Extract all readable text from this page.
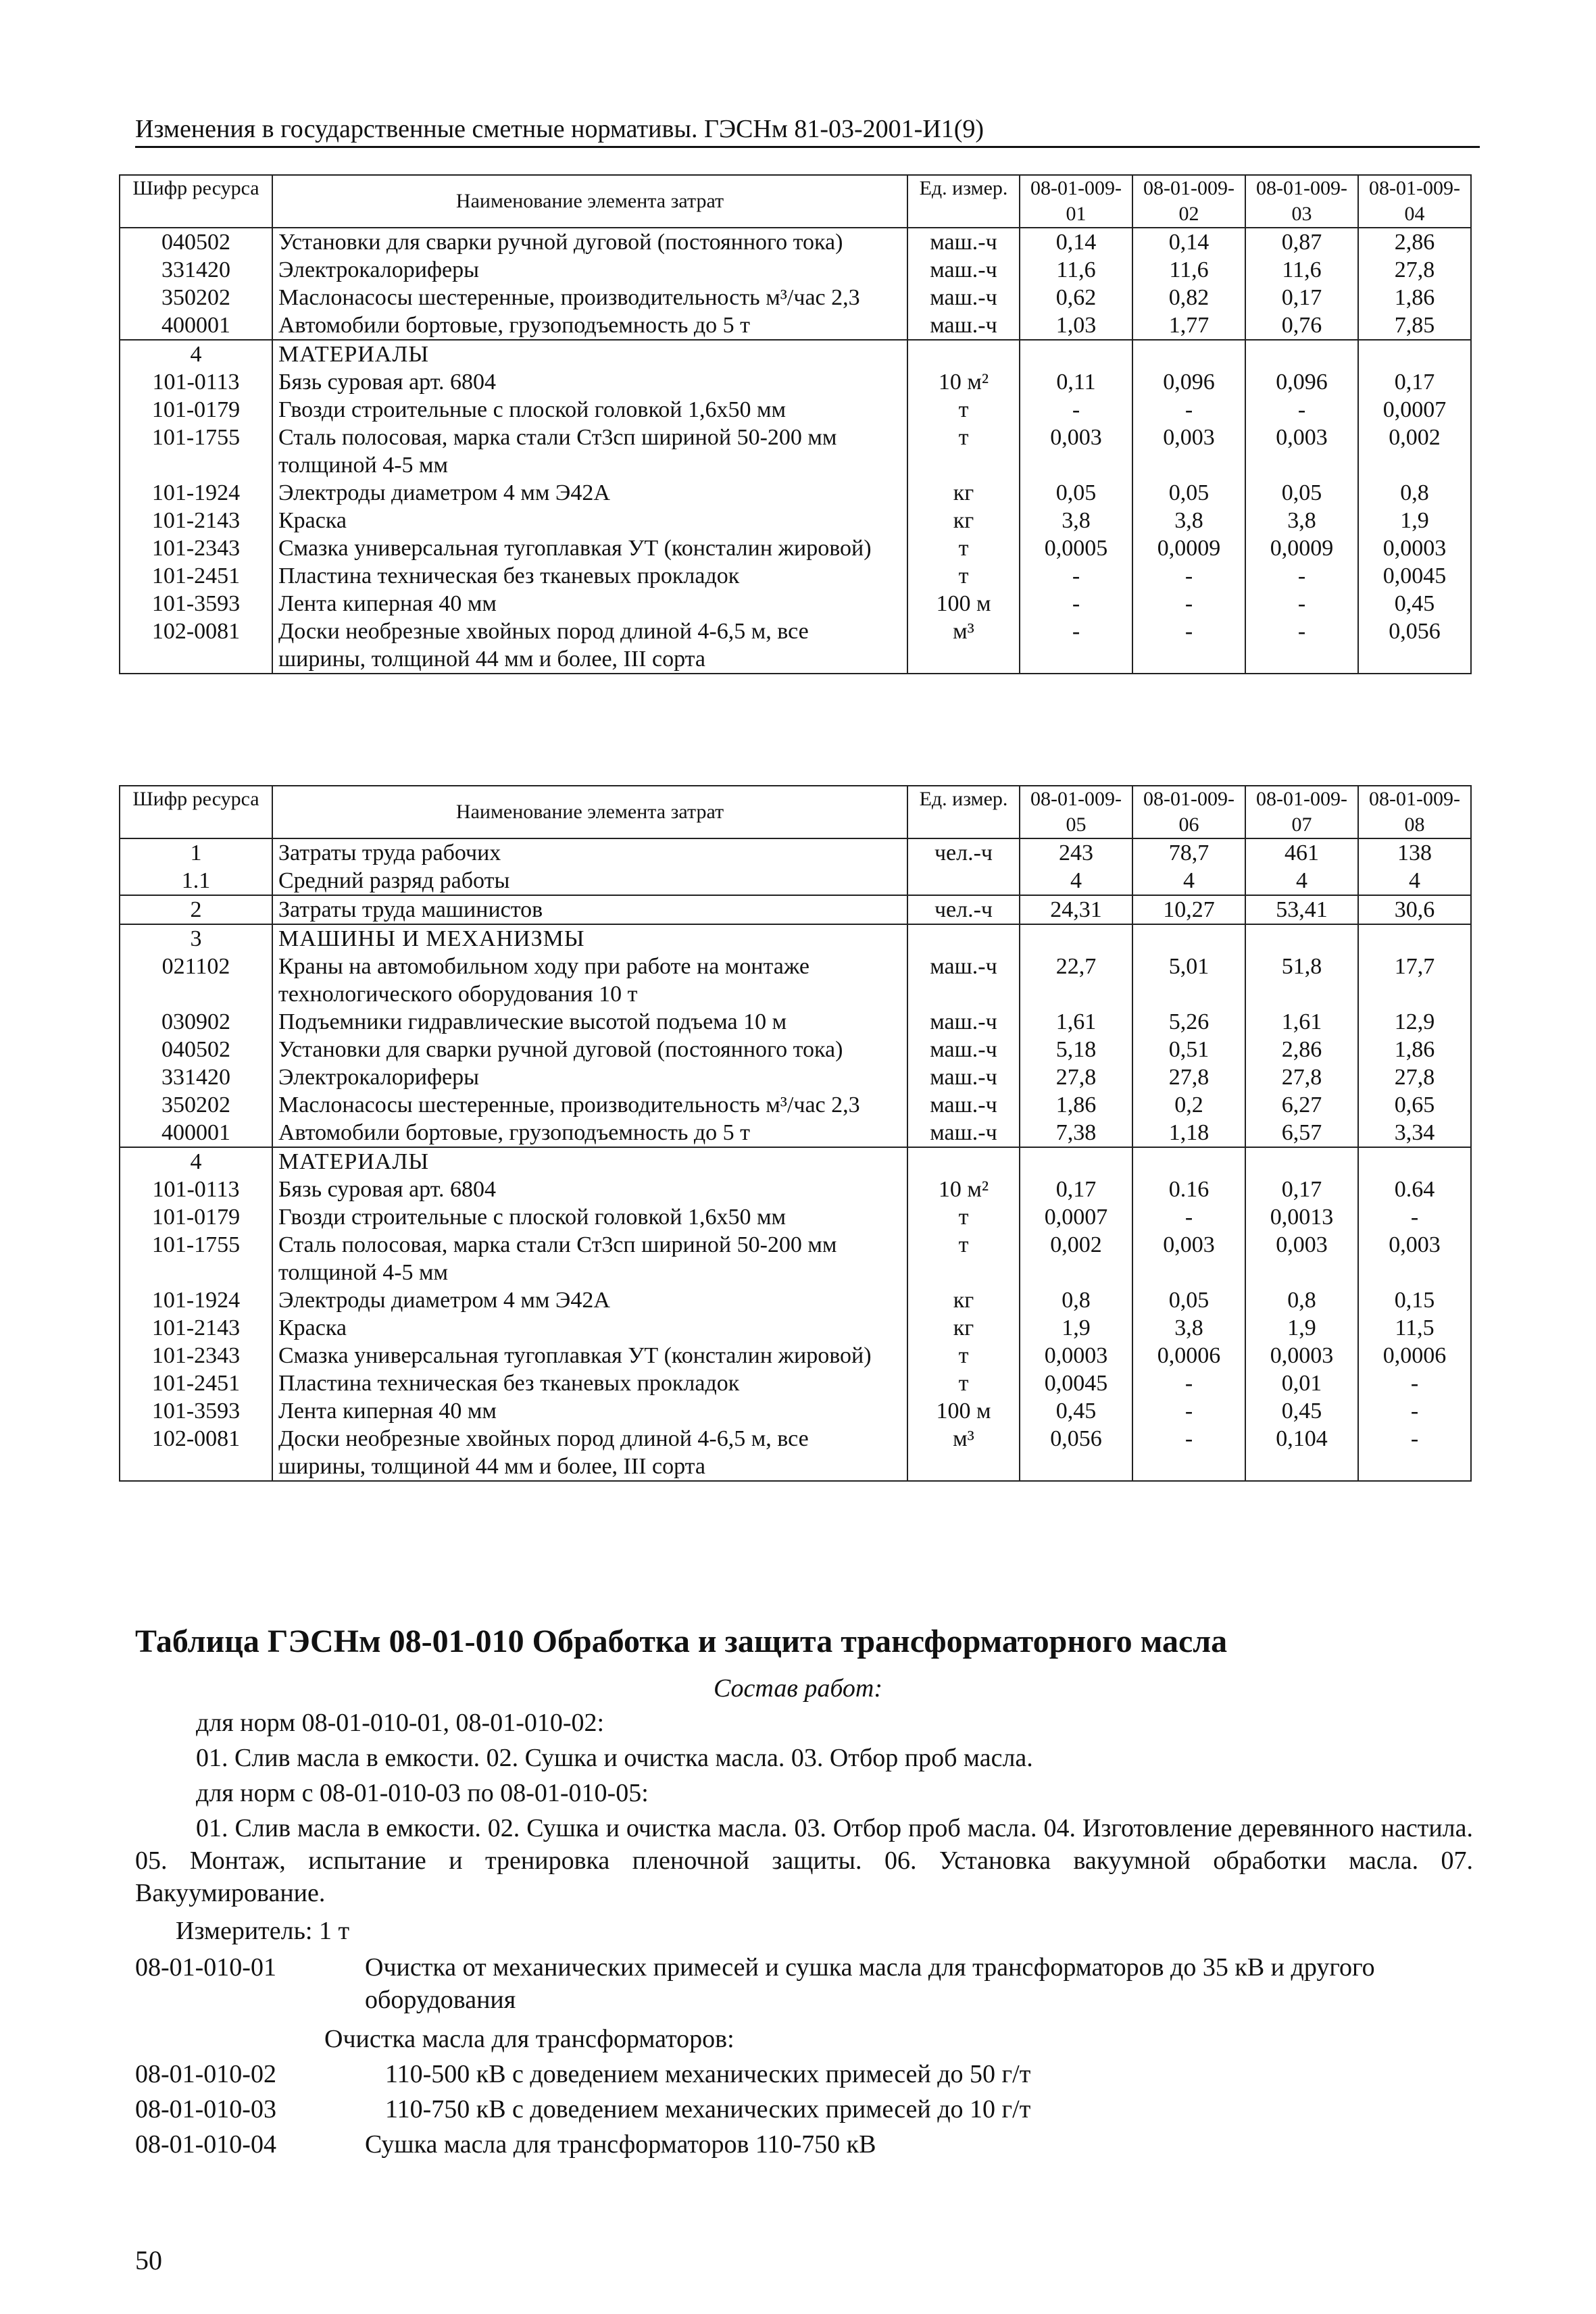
Изменения в государственные сметные нормативы. ГЭСНм 81-03-2001-И1(9)
Шифр ресурса	Наименование элемента затрат	Ед. измер.	08-01-009-01	08-01-009-02	08-01-009-03	08-01-009-04
040502	Установки для сварки ручной дуговой (постоянного тока)	маш.-ч	0,14	0,14	0,87	2,86
331420	Электрокалориферы	маш.-ч	11,6	11,6	11,6	27,8
350202	Маслонасосы шестеренные, производительность м³/час 2,3	маш.-ч	0,62	0,82	0,17	1,86
400001	Автомобили бортовые, грузоподъемность до 5 т	маш.-ч	1,03	1,77	0,76	7,85
4	МАТЕРИАЛЫ					
101-0113	Бязь суровая арт. 6804	10 м²	0,11	0,096	0,096	0,17
101-0179	Гвозди строительные с плоской головкой 1,6x50 мм	т	-	-	-	0,0007
101-1755	Сталь полосовая, марка стали Ст3сп шириной 50-200 мм толщиной 4-5 мм	т	0,003	0,003	0,003	0,002
101-1924	Электроды диаметром 4 мм Э42А	кг	0,05	0,05	0,05	0,8
101-2143	Краска	кг	3,8	3,8	3,8	1,9
101-2343	Смазка универсальная тугоплавкая УТ (консталин жировой)	т	0,0005	0,0009	0,0009	0,0003
101-2451	Пластина техническая без тканевых прокладок	т	-	-	-	0,0045
101-3593	Лента киперная 40 мм	100 м	-	-	-	0,45
102-0081	Доски необрезные хвойных пород длиной 4-6,5 м, все ширины, толщиной 44 мм и более, III сорта	м³	-	-	-	0,056
Шифр ресурса	Наименование элемента затрат	Ед. измер.	08-01-009-05	08-01-009-06	08-01-009-07	08-01-009-08
1	Затраты труда рабочих	чел.-ч	243	78,7	461	138
1.1	Средний разряд работы		4	4	4	4
2	Затраты труда машинистов	чел.-ч	24,31	10,27	53,41	30,6
3	МАШИНЫ И МЕХАНИЗМЫ					
021102	Краны на автомобильном ходу при работе на монтаже технологического оборудования 10 т	маш.-ч	22,7	5,01	51,8	17,7
030902	Подъемники гидравлические высотой подъема 10 м	маш.-ч	1,61	5,26	1,61	12,9
040502	Установки для сварки ручной дуговой (постоянного тока)	маш.-ч	5,18	0,51	2,86	1,86
331420	Электрокалориферы	маш.-ч	27,8	27,8	27,8	27,8
350202	Маслонасосы шестеренные, производительность м³/час 2,3	маш.-ч	1,86	0,2	6,27	0,65
400001	Автомобили бортовые, грузоподъемность до 5 т	маш.-ч	7,38	1,18	6,57	3,34
4	МАТЕРИАЛЫ					
101-0113	Бязь суровая арт. 6804	10 м²	0,17	0.16	0,17	0.64
101-0179	Гвозди строительные с плоской головкой 1,6x50 мм	т	0,0007	-	0,0013	-
101-1755	Сталь полосовая, марка стали Ст3сп шириной 50-200 мм толщиной 4-5 мм	т	0,002	0,003	0,003	0,003
101-1924	Электроды диаметром 4 мм Э42А	кг	0,8	0,05	0,8	0,15
101-2143	Краска	кг	1,9	3,8	1,9	11,5
101-2343	Смазка универсальная тугоплавкая УТ (консталин жировой)	т	0,0003	0,0006	0,0003	0,0006
101-2451	Пластина техническая без тканевых прокладок	т	0,0045	-	0,01	-
101-3593	Лента киперная 40 мм	100 м	0,45	-	0,45	-
102-0081	Доски необрезные хвойных пород длиной 4-6,5 м, все ширины, толщиной 44 мм и более, III сорта	м³	0,056	-	0,104	-
Таблица ГЭСНм 08-01-010 Обработка и защита трансформаторного масла
Состав работ:
для норм 08-01-010-01, 08-01-010-02:
01. Слив масла в емкости. 02. Сушка и очистка масла. 03. Отбор проб масла.
для норм с 08-01-010-03 по 08-01-010-05:
01. Слив масла в емкости. 02. Сушка и очистка масла. 03. Отбор проб масла. 04. Изготовление деревянного настила. 05. Монтаж, испытание и тренировка пленочной защиты. 06. Установка вакуумной обработки масла. 07. Вакуумирование.
Измеритель: 1 т
08-01-010-01	Очистка от механических примесей и сушка масла для трансформаторов до 35 кВ и другого оборудования
Очистка масла для трансформаторов:
08-01-010-02	110-500 кВ с доведением механических примесей до 50 г/т
08-01-010-03	110-750 кВ с доведением механических примесей до 10 г/т
08-01-010-04	Сушка масла для трансформаторов 110-750 кВ
50
